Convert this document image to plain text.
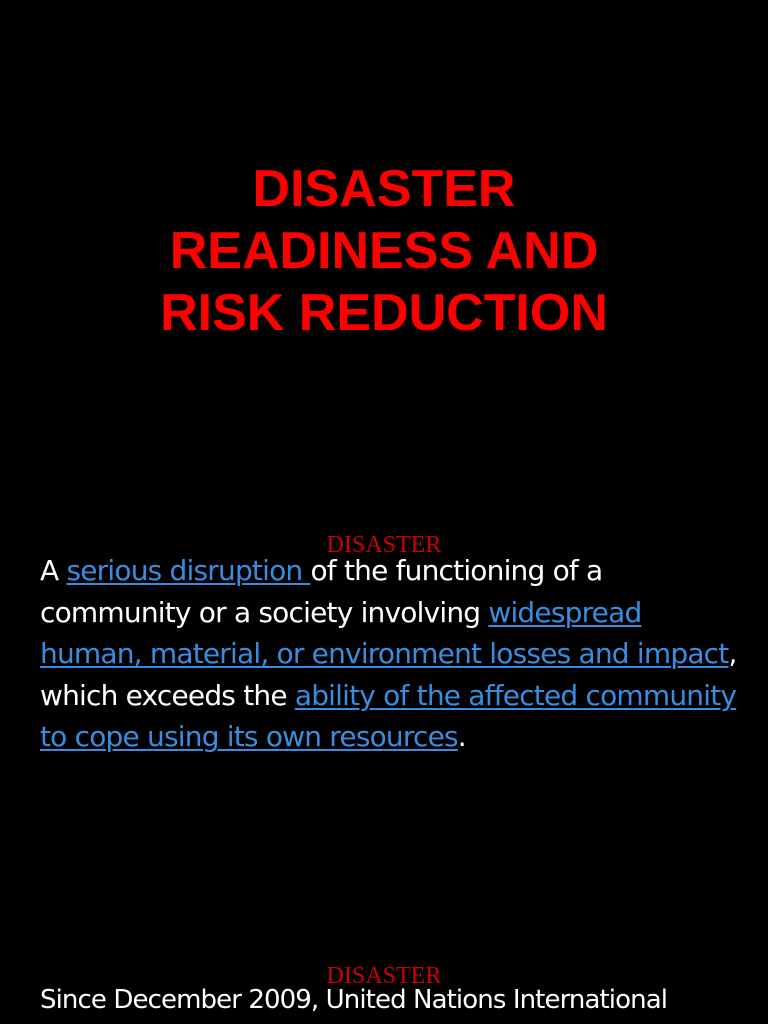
DISASTER
READINESS AND
RISK REDUCTION
DISASTER

A serious disruption of the functioning of a community or a society involving widespread human, material, or environment losses and impact, which exceeds the ability of the affected community to cope using its own resources.

DISASTER
Since December 2009, United Nations International
